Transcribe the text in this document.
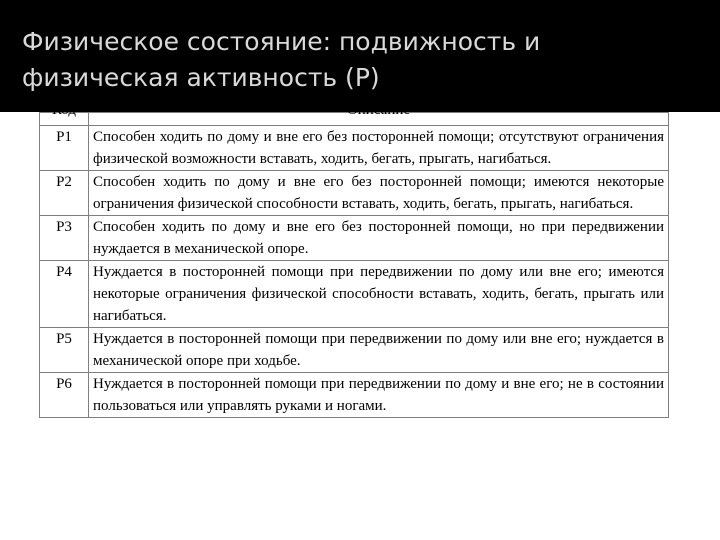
Физическое состояние: подвижность и физическая активность (Р)
Код	Описание

P1	Способен ходить по дому и вне его без посторонней помощи; отсутствуют ограничения физической возможности вставать, ходить, бегать, прыгать, нагибаться.
P2	Способен ходить по дому и вне его без посторонней помощи; имеются некоторые ограничения физической способности вставать, ходить, бегать, прыгать, нагибаться.
P3	Способен ходить по дому и вне его без посторонней помощи, но при передвижении нуждается в механической опоре.
P4	Нуждается в посторонней помощи при передвижении по дому или вне его; имеются некоторые ограничения физической способности вставать, ходить, бегать, прыгать или нагибаться.
P5	Нуждается в посторонней помощи при передвижении по дому или вне его; нуждается в механической опоре при ходьбе.
P6	Нуждается в посторонней помощи при передвижении по дому и вне его; не в состоянии пользоваться или управлять руками и ногами.
